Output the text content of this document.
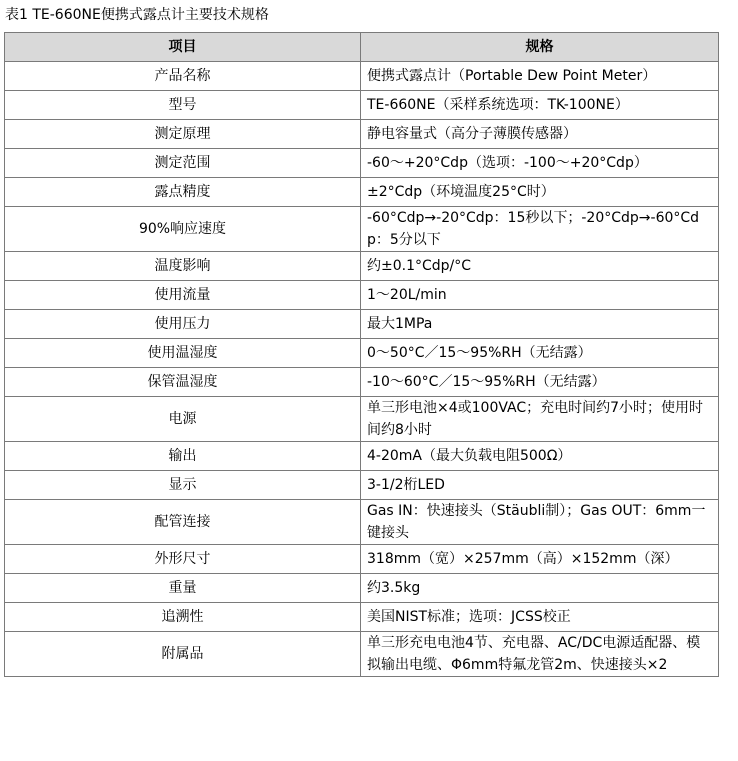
表1 TE-660NE便携式露点计主要技术规格
项目	规格
产品名称	便携式露点计（Portable Dew Point Meter）
型号	TE-660NE（采样系统选项：TK-100NE）
测定原理	静电容量式（高分子薄膜传感器）
测定范围	-60～+20°Cdp（选项：-100～+20°Cdp）
露点精度	±2°Cdp（环境温度25°C时）
90%响应速度	-60°Cdp→-20°Cdp：15秒以下；-20°Cdp→-60°Cdp：5分以下
温度影响	约±0.1°Cdp/°C
使用流量	1～20L/min
使用压力	最大1MPa
使用温湿度	0～50°C／15～95%RH（无结露）
保管温湿度	-10～60°C／15～95%RH（无结露）
电源	单三形电池×4或100VAC；充电时间约7小时；使用时间约8小时
输出	4-20mA（最大负载电阻500Ω）
显示	3-1/2桁LED
配管连接	Gas IN：快速接头（Stäubli制）；Gas OUT：6mm一键接头
外形尺寸	318mm（宽）×257mm（高）×152mm（深）
重量	约3.5kg
追溯性	美国NIST标准；选项：JCSS校正
附属品	单三形充电电池4节、充电器、AC/DC电源适配器、模拟输出电缆、Φ6mm特氟龙管2m、快速接头×2
